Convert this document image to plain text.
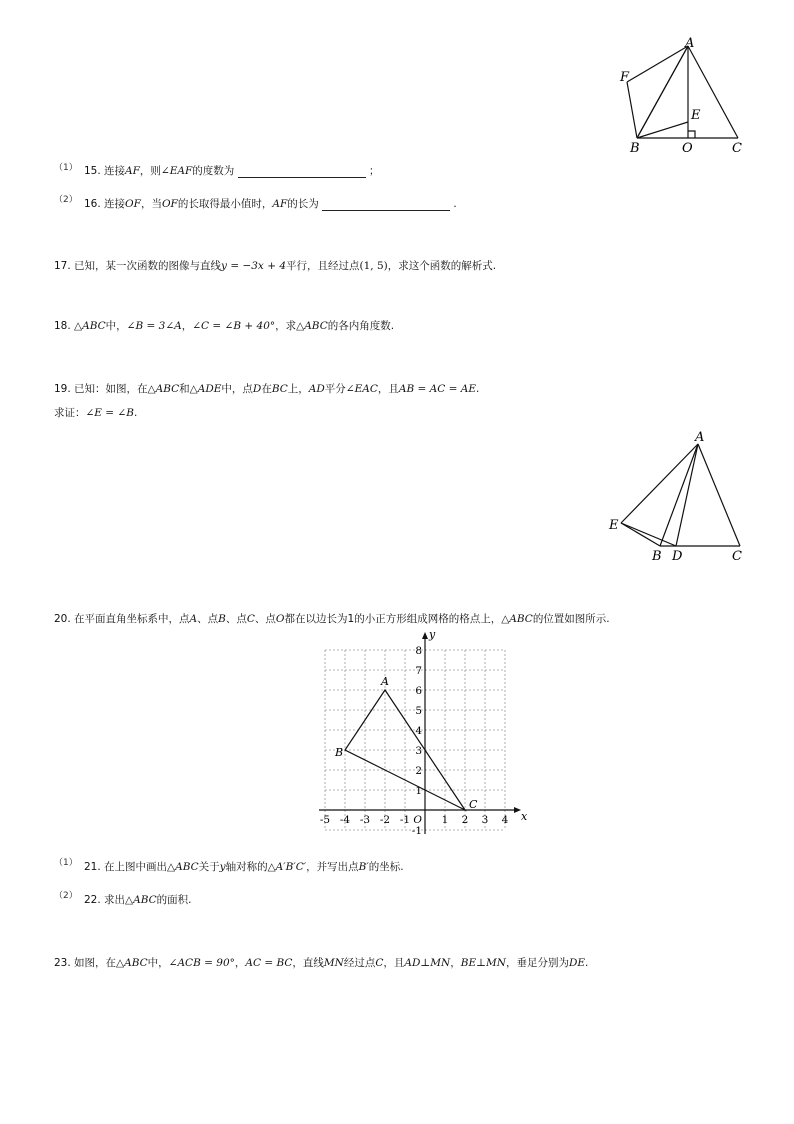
A
F
E
B	O	C
（1） 15. 连接AF，则∠EAF的度数为	；
（2） 16. 连接OF，当OF的长取得最小值时，AF的长为	.
17. 已知，某一次函数的图像与直线y = −3x + 4平行，且经过点(1, 5)，求这个函数的解析式.
18. △ABC中，∠B = 3∠A，∠C = ∠B + 40°，求△ABC的各内角度数.
19. 已知：如图，在△ABC和△ADE中，点D在BC上，AD平分∠EAC，且AB = AC = AE.
求证：∠E = ∠B.
A
E
B D	C
20. 在平面直角坐标系中，点A、点B、点C、点O都在以边长为1的小正方形组成网格的格点上，△ABC的位置如图所示.
x
y
-5 -4 -3 -2 -1	1 2 3 4
1
2
3
4
5
6
7
8
-1
O
A
B
C
（1） 21. 在上图中画出△ABC关于y轴对称的△A′B′C′，并写出点B′的坐标.
（2） 22. 求出△ABC的面积.
23. 如图，在△ABC中，∠ACB = 90°，AC = BC，直线MN经过点C，且AD⊥MN，BE⊥MN，垂足分别为DE.
